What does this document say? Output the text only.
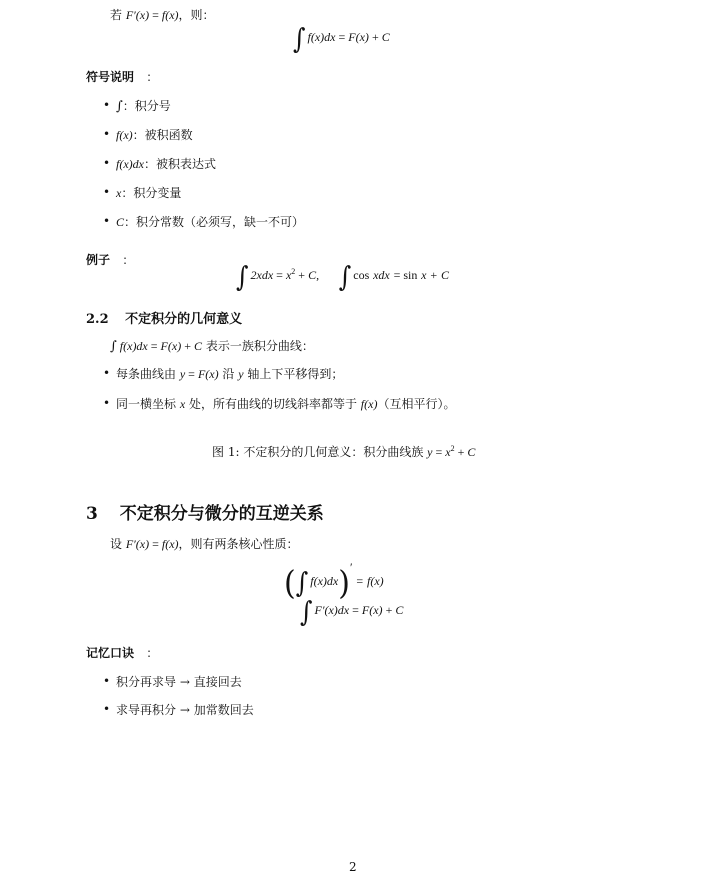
若 F′(x) = f(x)，则：
∫ f(x)dx = F(x) + C
符号说明 ：
• ∫：积分号
• f(x)：被积函数
• f(x)dx：被积表达式
• x：积分变量
• C：积分常数（必须写，缺一不可）
例子 ：
∫ $2xdx = x^2 + C$, ∫ cos xdx = sin x + C
2.2 不定积分的几何意义
∫ f(x)dx = F(x) + C 表示一族积分曲线：
• 每条曲线由 y = F(x) 沿 y 轴上下平移得到；
• 同一横坐标 x 处，所有曲线的切线斜率都等于 f(x)（互相平行）。
图 1: 不定积分的几何意义：积分曲线族 $y = x^2 + C$
3 不定积分与微分的互逆关系
设 F′(x) = f(x)，则有两条核心性质：
(∫ f(x)dx)′ = f(x)
∫ F′(x)dx = F(x) + C
记忆口诀 ：
• 积分再求导 → 直接回去
• 求导再积分 → 加常数回去
2
